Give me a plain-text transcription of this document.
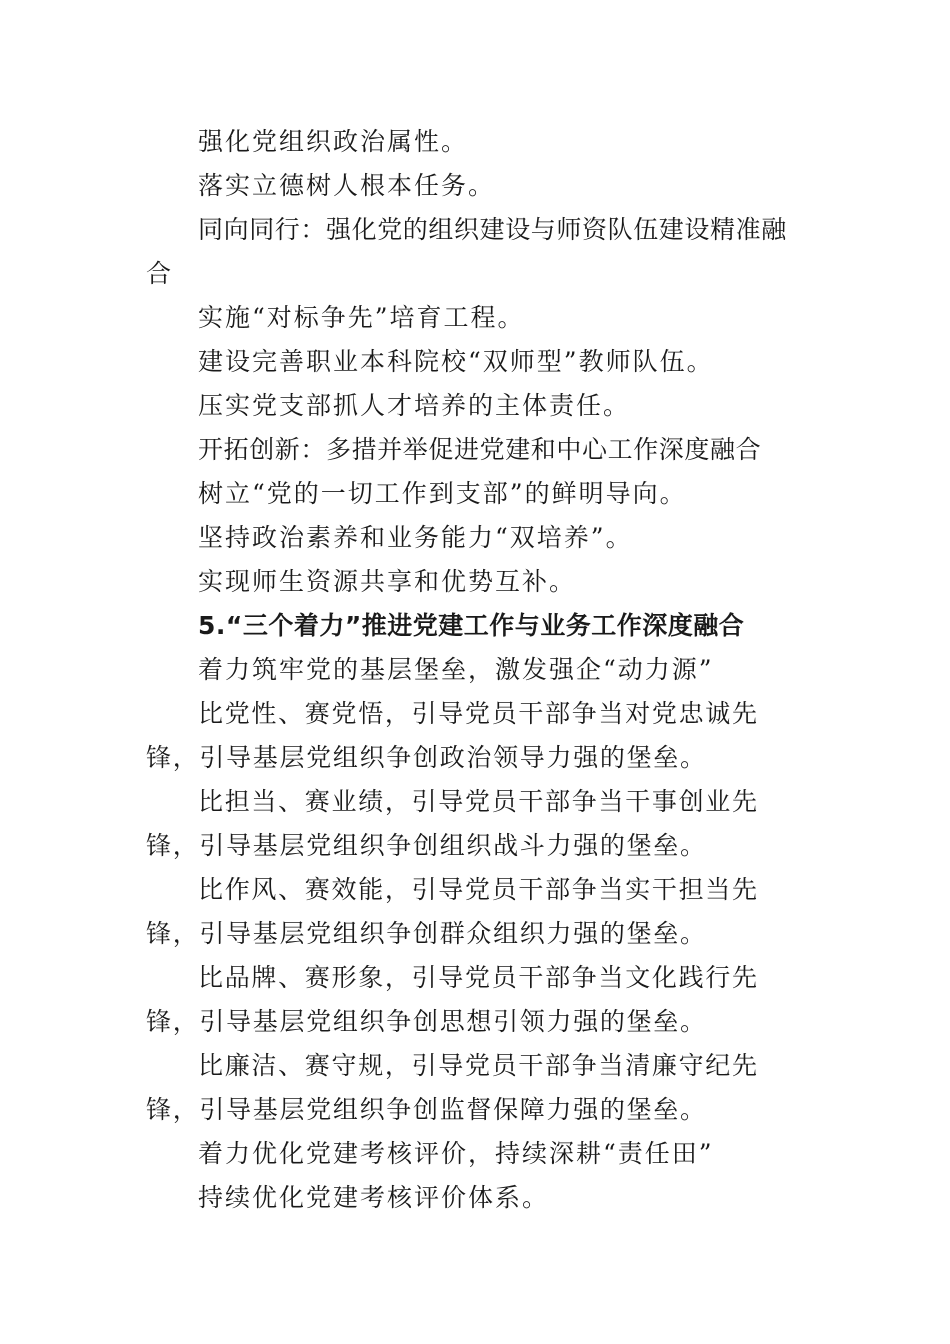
强化党组织政治属性。

落实立德树人根本任务。

同向同行：强化党的组织建设与师资队伍建设精准融合

实施“对标争先”培育工程。

建设完善职业本科院校“双师型”教师队伍。

压实党支部抓人才培养的主体责任。

开拓创新：多措并举促进党建和中心工作深度融合

树立“党的一切工作到支部”的鲜明导向。

坚持政治素养和业务能力“双培养”。

实现师生资源共享和优势互补。

5.“三个着力”推进党建工作与业务工作深度融合

着力筑牢党的基层堡垒，激发强企“动力源”

比党性、赛党悟，引导党员干部争当对党忠诚先锋，引导基层党组织争创政治领导力强的堡垒。

比担当、赛业绩，引导党员干部争当干事创业先锋，引导基层党组织争创组织战斗力强的堡垒。

比作风、赛效能，引导党员干部争当实干担当先锋，引导基层党组织争创群众组织力强的堡垒。

比品牌、赛形象，引导党员干部争当文化践行先锋，引导基层党组织争创思想引领力强的堡垒。

比廉洁、赛守规，引导党员干部争当清廉守纪先锋，引导基层党组织争创监督保障力强的堡垒。

着力优化党建考核评价，持续深耕“责任田”

持续优化党建考核评价体系。
